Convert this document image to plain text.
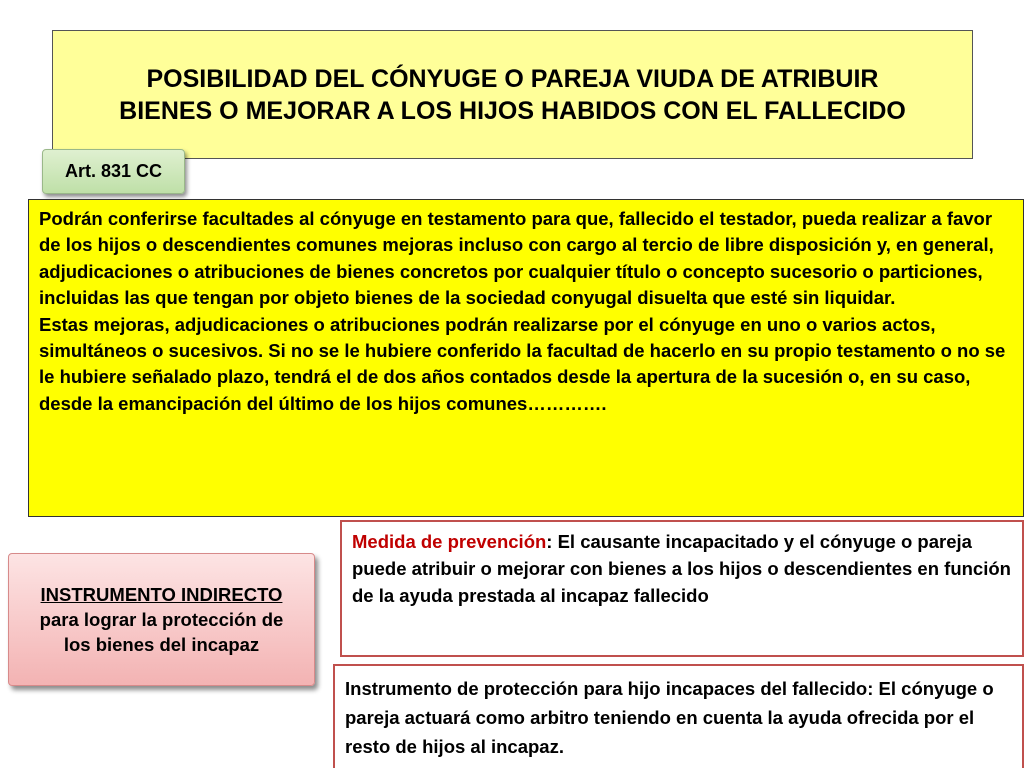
POSIBILIDAD DEL CÓNYUGE O PAREJA VIUDA DE ATRIBUIR
BIENES O MEJORAR A LOS HIJOS HABIDOS CON EL FALLECIDO
Art. 831 CC

Podrán conferirse facultades al cónyuge en testamento para que, fallecido el testador, pueda realizar a favor de los hijos o descendientes comunes mejoras incluso con cargo al tercio de libre disposición y, en general, adjudicaciones o atribuciones de bienes concretos por cualquier título o concepto sucesorio o particiones, incluidas las que tengan por objeto bienes de la sociedad conyugal disuelta que esté sin liquidar.

Estas mejoras, adjudicaciones o atribuciones podrán realizarse por el cónyuge en uno o varios actos, simultáneos o sucesivos. Si no se le hubiere conferido la facultad de hacerlo en su propio testamento o no se le hubiere señalado plazo, tendrá el de dos años contados desde la apertura de la sucesión o, en su caso, desde la emancipación del último de los hijos comunes………….

INSTRUMENTO INDIRECTO
para lograr la protección de los bienes del incapaz
Medida de prevención: El causante incapacitado y el cónyuge o pareja puede atribuir o mejorar con bienes a los hijos o descendientes en función de la ayuda prestada al incapaz fallecido
Instrumento de protección para hijo incapaces del fallecido: El cónyuge o pareja actuará como arbitro teniendo en cuenta la ayuda ofrecida por el resto de hijos al incapaz.
